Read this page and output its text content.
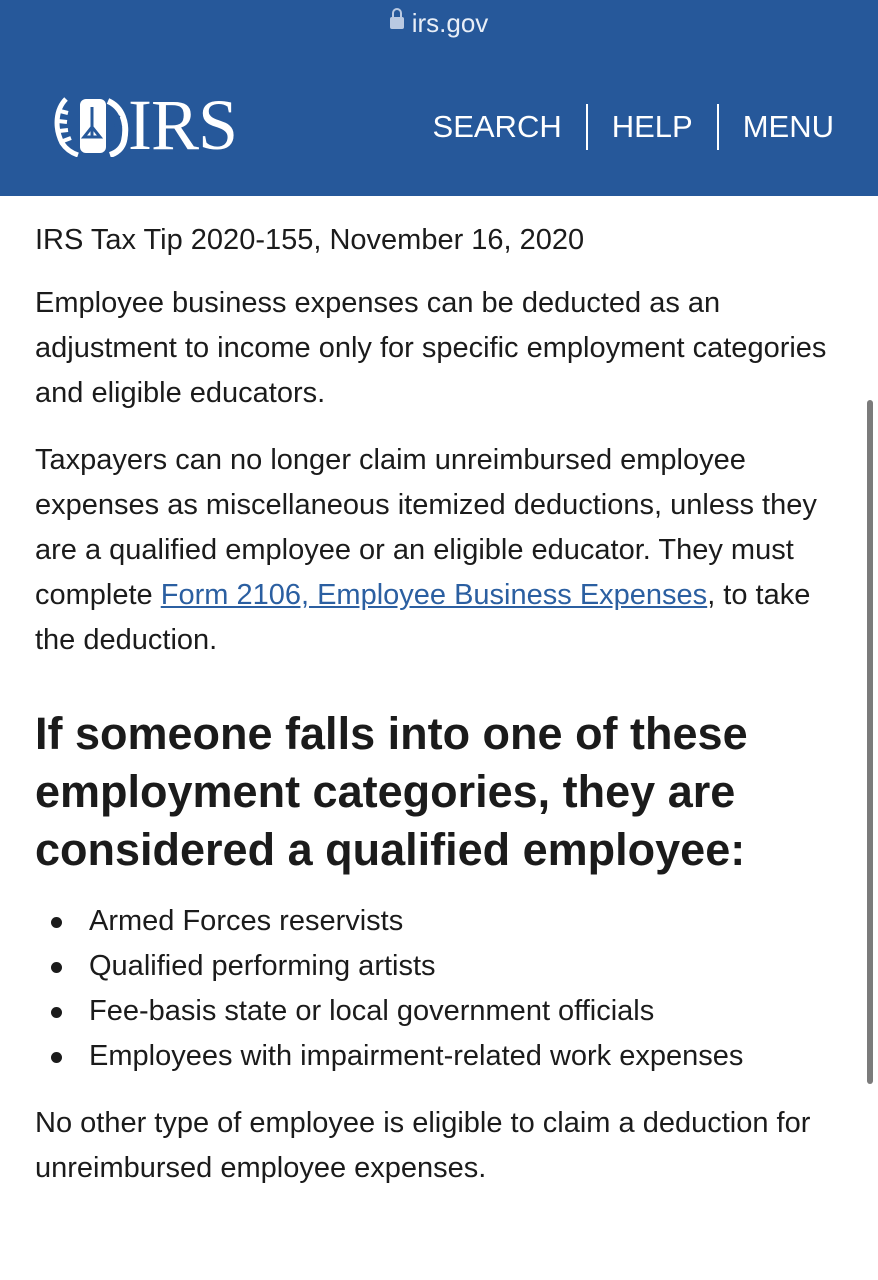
irs.gov
IRS	SEARCH	HELP	MENU

IRS Tax Tip 2020-155, November 16, 2020

Employee business expenses can be deducted as an adjustment to income only for specific employment categories and eligible educators.

Taxpayers can no longer claim unreimbursed employee expenses as miscellaneous itemized deductions, unless they are a qualified employee or an eligible educator. They must complete Form 2106, Employee Business Expenses, to take the deduction.

If someone falls into one of these employment categories, they are considered a qualified employee:
Armed Forces reservists
Qualified performing artists
Fee-basis state or local government officials
Employees with impairment-related work expenses

No other type of employee is eligible to claim a deduction for unreimbursed employee expenses.
